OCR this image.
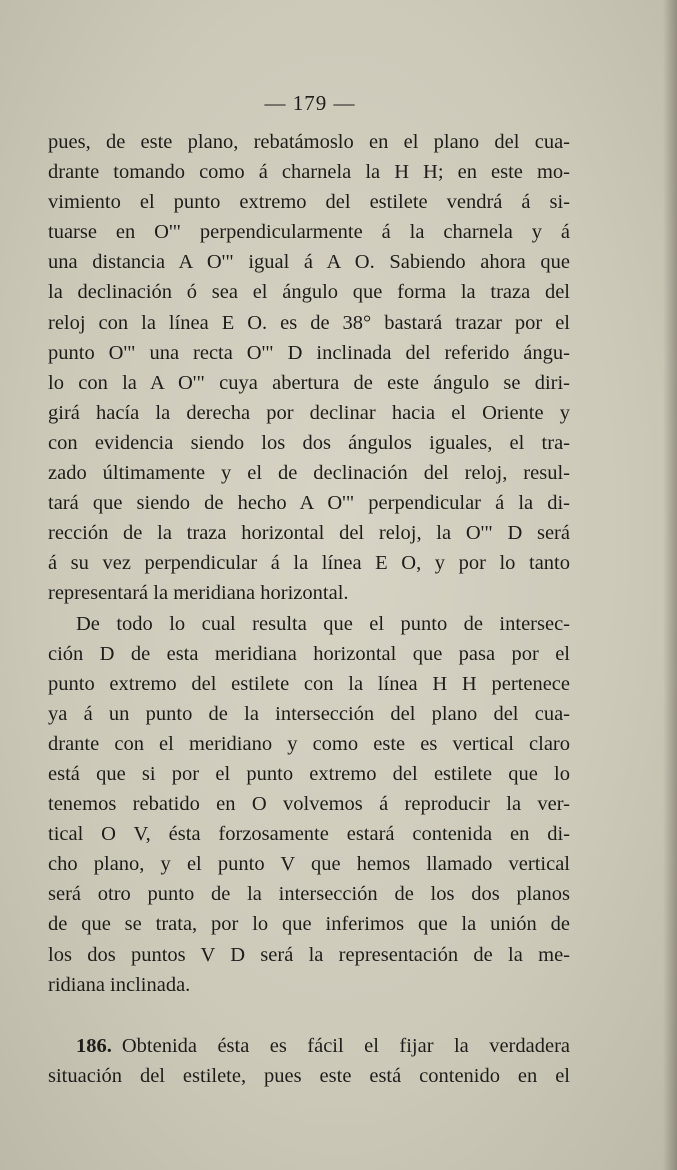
— 179 —
pues, de este plano, rebatámoslo en el plano del cua-
drante tomando como á charnela la H H; en este mo-
vimiento el punto extremo del estilete vendrá á si-
tuarse en O'" perpendicularmente á la charnela y á
una distancia A O'" igual á A O. Sabiendo ahora que
la declinación ó sea el ángulo que forma la traza del
reloj con la línea E O. es de 38° bastará trazar por el
punto O'" una recta O'" D inclinada del referido ángu-
lo con la A O'" cuya abertura de este ángulo se diri-
girá hacía la derecha por declinar hacia el Oriente y
con evidencia siendo los dos ángulos iguales, el tra-
zado últimamente y el de declinación del reloj, resul-
tará que siendo de hecho A O'" perpendicular á la di-
rección de la traza horizontal del reloj, la O'" D será
á su vez perpendicular á la línea E O, y por lo tanto
representará la meridiana horizontal.
De todo lo cual resulta que el punto de intersec-
ción D de esta meridiana horizontal que pasa por el
punto extremo del estilete con la línea H H pertenece
ya á un punto de la intersección del plano del cua-
drante con el meridiano y como este es vertical claro
está que si por el punto extremo del estilete que lo
tenemos rebatido en O volvemos á reproducir la ver-
tical O V, ésta forzosamente estará contenida en di-
cho plano, y el punto V que hemos llamado vertical
será otro punto de la intersección de los dos planos
de que se trata, por lo que inferimos que la unión de
los dos puntos V D será la representación de la me-
ridiana inclinada.
186. Obtenida ésta es fácil el fijar la verdadera
situación del estilete, pues este está contenido en el
